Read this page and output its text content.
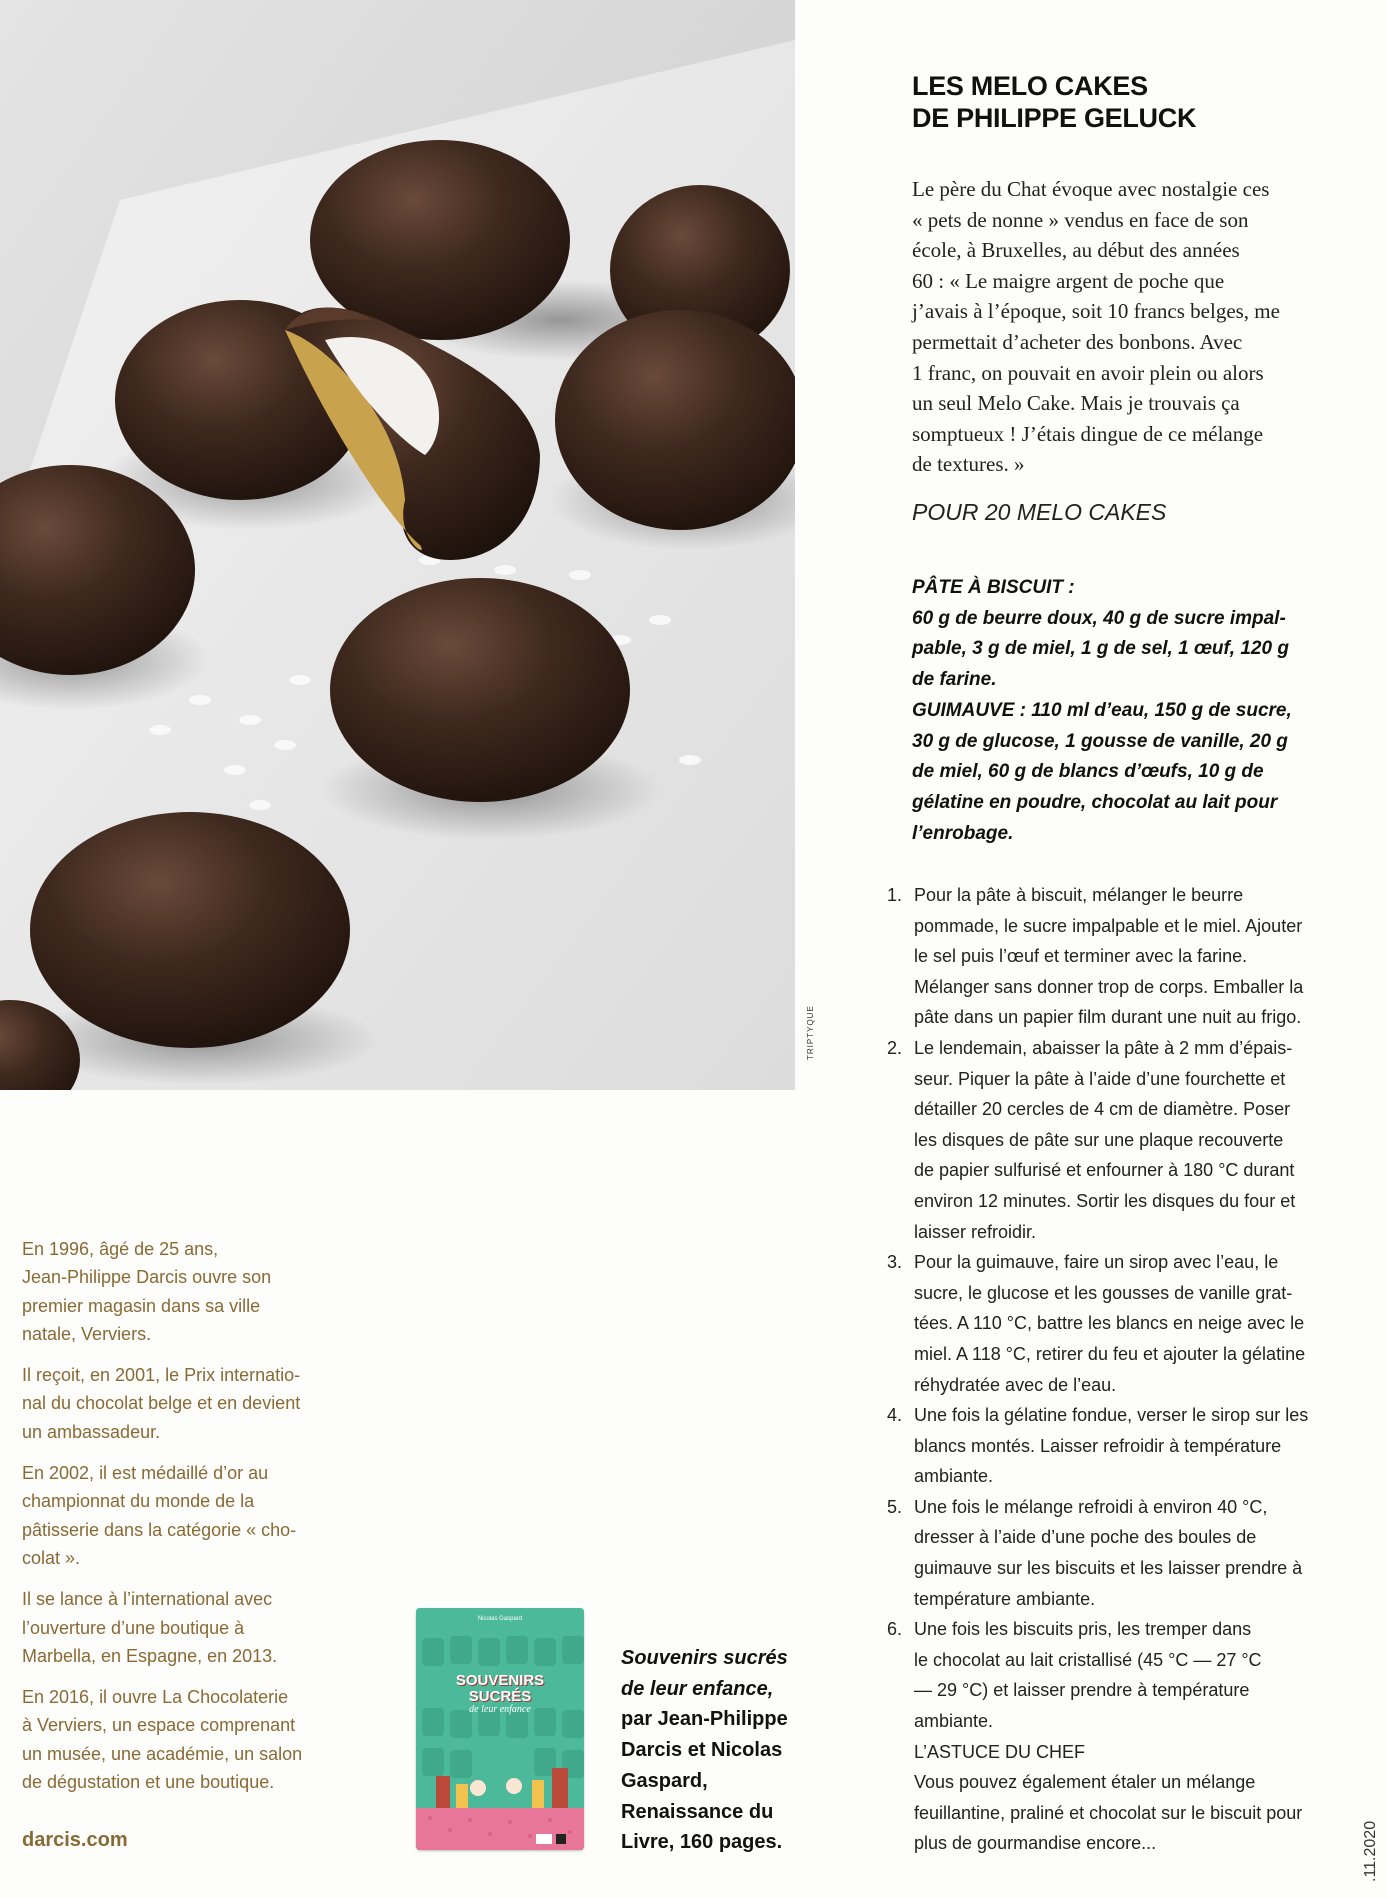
TRIPTYQUE
LES MELO CAKES
DE PHILIPPE GELUCK
Le père du Chat évoque avec nostalgie ces
« pets de nonne » vendus en face de son
école, à Bruxelles, au début des années
60 : « Le maigre argent de poche que
j’avais à l’époque, soit 10 francs belges, me
permettait d’acheter des bonbons. Avec
1 franc, on pouvait en avoir plein ou alors
un seul Melo Cake. Mais je trouvais ça
somptueux ! J’étais dingue de ce mélange
de textures. »
POUR 20 MELO CAKES
PÂTE À BISCUIT :
60 g de beurre doux, 40 g de sucre impal-
pable, 3 g de miel, 1 g de sel, 1 œuf, 120 g
de farine.
GUIMAUVE : 110 ml d’eau, 150 g de sucre,
30 g de glucose, 1 gousse de vanille, 20 g
de miel, 60 g de blancs d’œufs, 10 g de
gélatine en poudre, chocolat au lait pour
l’enrobage.
1. Pour la pâte à biscuit, mélanger le beurre
pommade, le sucre impalpable et le miel. Ajouter
le sel puis l’œuf et terminer avec la farine.
Mélanger sans donner trop de corps. Emballer la
pâte dans un papier film durant une nuit au frigo.
2. Le lendemain, abaisser la pâte à 2 mm d’épais-
seur. Piquer la pâte à l’aide d’une fourchette et
détailler 20 cercles de 4 cm de diamètre. Poser
les disques de pâte sur une plaque recouverte
de papier sulfurisé et enfourner à 180 °C durant
environ 12 minutes. Sortir les disques du four et
laisser refroidir.
3. Pour la guimauve, faire un sirop avec l’eau, le
sucre, le glucose et les gousses de vanille grat-
tées. A 110 °C, battre les blancs en neige avec le
miel. A 118 °C, retirer du feu et ajouter la gélatine
réhydratée avec de l’eau.
4. Une fois la gélatine fondue, verser le sirop sur les
blancs montés. Laisser refroidir à température
ambiante.
5. Une fois le mélange refroidi à environ 40 °C,
dresser à l’aide d’une poche des boules de
guimauve sur les biscuits et les laisser prendre à
température ambiante.
6. Une fois les biscuits pris, les tremper dans
le chocolat au lait cristallisé (45 °C — 27 °C
— 29 °C) et laisser prendre à température
ambiante.
L’ASTUCE DU CHEF
Vous pouvez également étaler un mélange
feuillantine, praliné et chocolat sur le biscuit pour
plus de gourmandise encore...
En 1996, âgé de 25 ans,
Jean-Philippe Darcis ouvre son
premier magasin dans sa ville
natale, Verviers.
Il reçoit, en 2001, le Prix internatio-
nal du chocolat belge et en devient
un ambassadeur.
En 2002, il est médaillé d’or au
championnat du monde de la
pâtisserie dans la catégorie « cho-
colat ».
Il se lance à l’international avec
l’ouverture d’une boutique à
Marbella, en Espagne, en 2013.
En 2016, il ouvre La Chocolaterie
à Verviers, un espace comprenant
un musée, une académie, un salon
de dégustation et une boutique.
darcis.com
Nicolas Gaspard
SOUVENIRS
SUCRÉS
de leur enfance
Souvenirs sucrés
de leur enfance,
par Jean-Philippe
Darcis et Nicolas
Gaspard,
Renaissance du
Livre, 160 pages.	.11.2020
